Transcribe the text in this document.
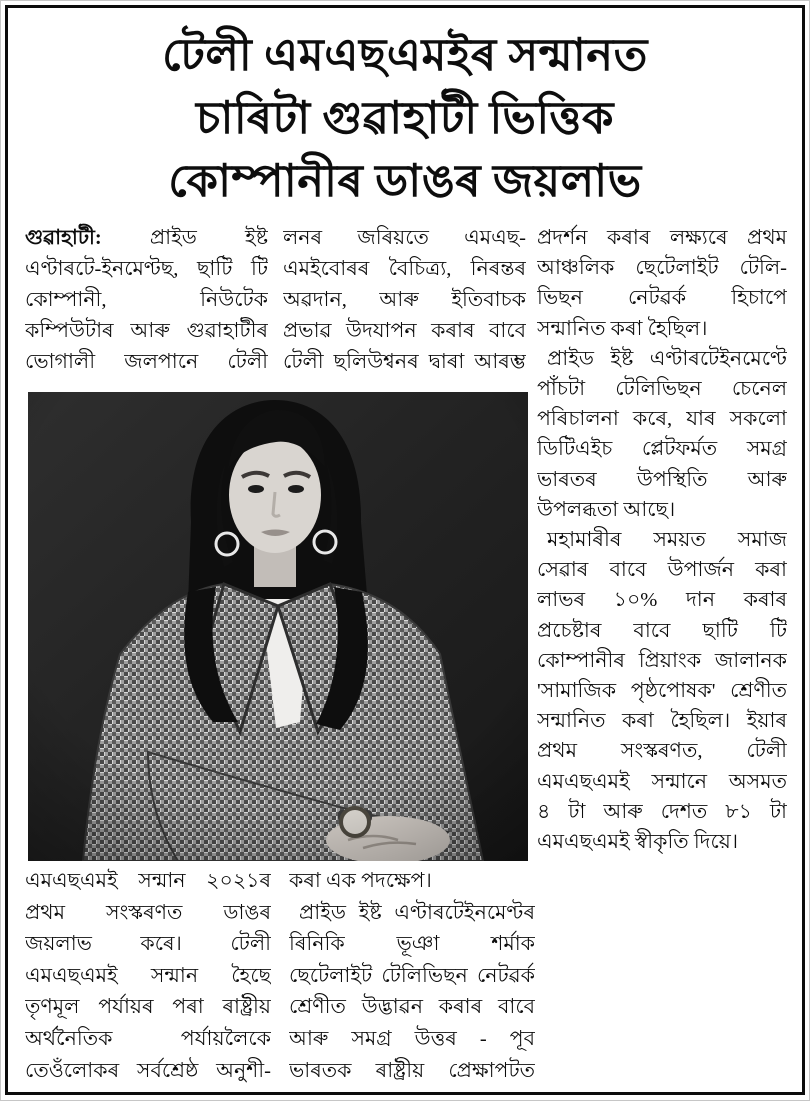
টেলী এমএছএমইৰ সন্মানত
চাৰিটা গুৱাহাটী ভিত্তিক
কোম্পানীৰ ডাঙৰ জয়লাভ
গুৱাহাটী: প্ৰাইড ইষ্ট
এণ্টাৰটে-ইনমেণ্টছ, ছাটি টি
কোম্পানী, নিউটেক
কম্পিউটাৰ আৰু গুৱাহাটীৰ
ভোগালী জলপানে টেলী
লনৰ জৰিয়তে এমএছ-
এমইবোৰৰ বৈচিত্ৰ্য, নিৰন্তৰ
অৱদান, আৰু ইতিবাচক
প্ৰভাৱ উদযাপন কৰাৰ বাবে
টেলী ছলিউশ্বনৰ দ্বাৰা আৰম্ভ
প্ৰদৰ্শন কৰাৰ লক্ষ্যৰে প্ৰথম
আঞ্চলিক ছেটেলাইট টেলি-
ভিছন নেটৱৰ্ক হিচাপে
সন্মানিত কৰা হৈছিল।
প্ৰাইড ইষ্ট এণ্টাৰটেইনমেণ্টে
পাঁচটা টেলিভিছন চেনেল
পৰিচালনা কৰে, যাৰ সকলো
ডিটিএইচ প্লেটফৰ্মত সমগ্ৰ
ভাৰতৰ উপস্থিতি আৰু
উপলব্ধতা আছে।
মহামাৰীৰ সময়ত সমাজ
সেৱাৰ বাবে উপাৰ্জন কৰা
লাভৰ ১০% দান কৰাৰ
প্ৰচেষ্টাৰ বাবে ছাটি টি
কোম্পানীৰ প্ৰিয়াংক জালানক
'সামাজিক পৃষ্ঠপোষক' শ্ৰেণীত
সন্মানিত কৰা হৈছিল। ইয়াৰ
প্ৰথম সংস্কৰণত, টেলী
এমএছএমই সন্মানে অসমত
৪ টা আৰু দেশত ৮১ টা
এমএছএমই স্বীকৃতি দিয়ে।
এমএছএমই সন্মান ২০২১ৰ
প্ৰথম সংস্কৰণত ডাঙৰ
জয়লাভ কৰে। টেলী
এমএছএমই সন্মান হৈছে
তৃণমূল পৰ্যায়ৰ পৰা ৰাষ্ট্ৰীয়
অৰ্থনৈতিক পৰ্যায়লৈকে
তেওঁলোকৰ সৰ্বশ্ৰেষ্ঠ অনুশী-
কৰা এক পদক্ষেপ।
প্ৰাইড ইষ্ট এণ্টাৰটেইনমেণ্টৰ
ৰিনিকি ভূঞা শৰ্মাক
ছেটেলাইট টেলিভিছন নেটৱৰ্ক
শ্ৰেণীত উদ্ভাৱন কৰাৰ বাবে
আৰু সমগ্ৰ উত্তৰ - পূব
ভাৰতক ৰাষ্ট্ৰীয় প্ৰেক্ষাপটত
